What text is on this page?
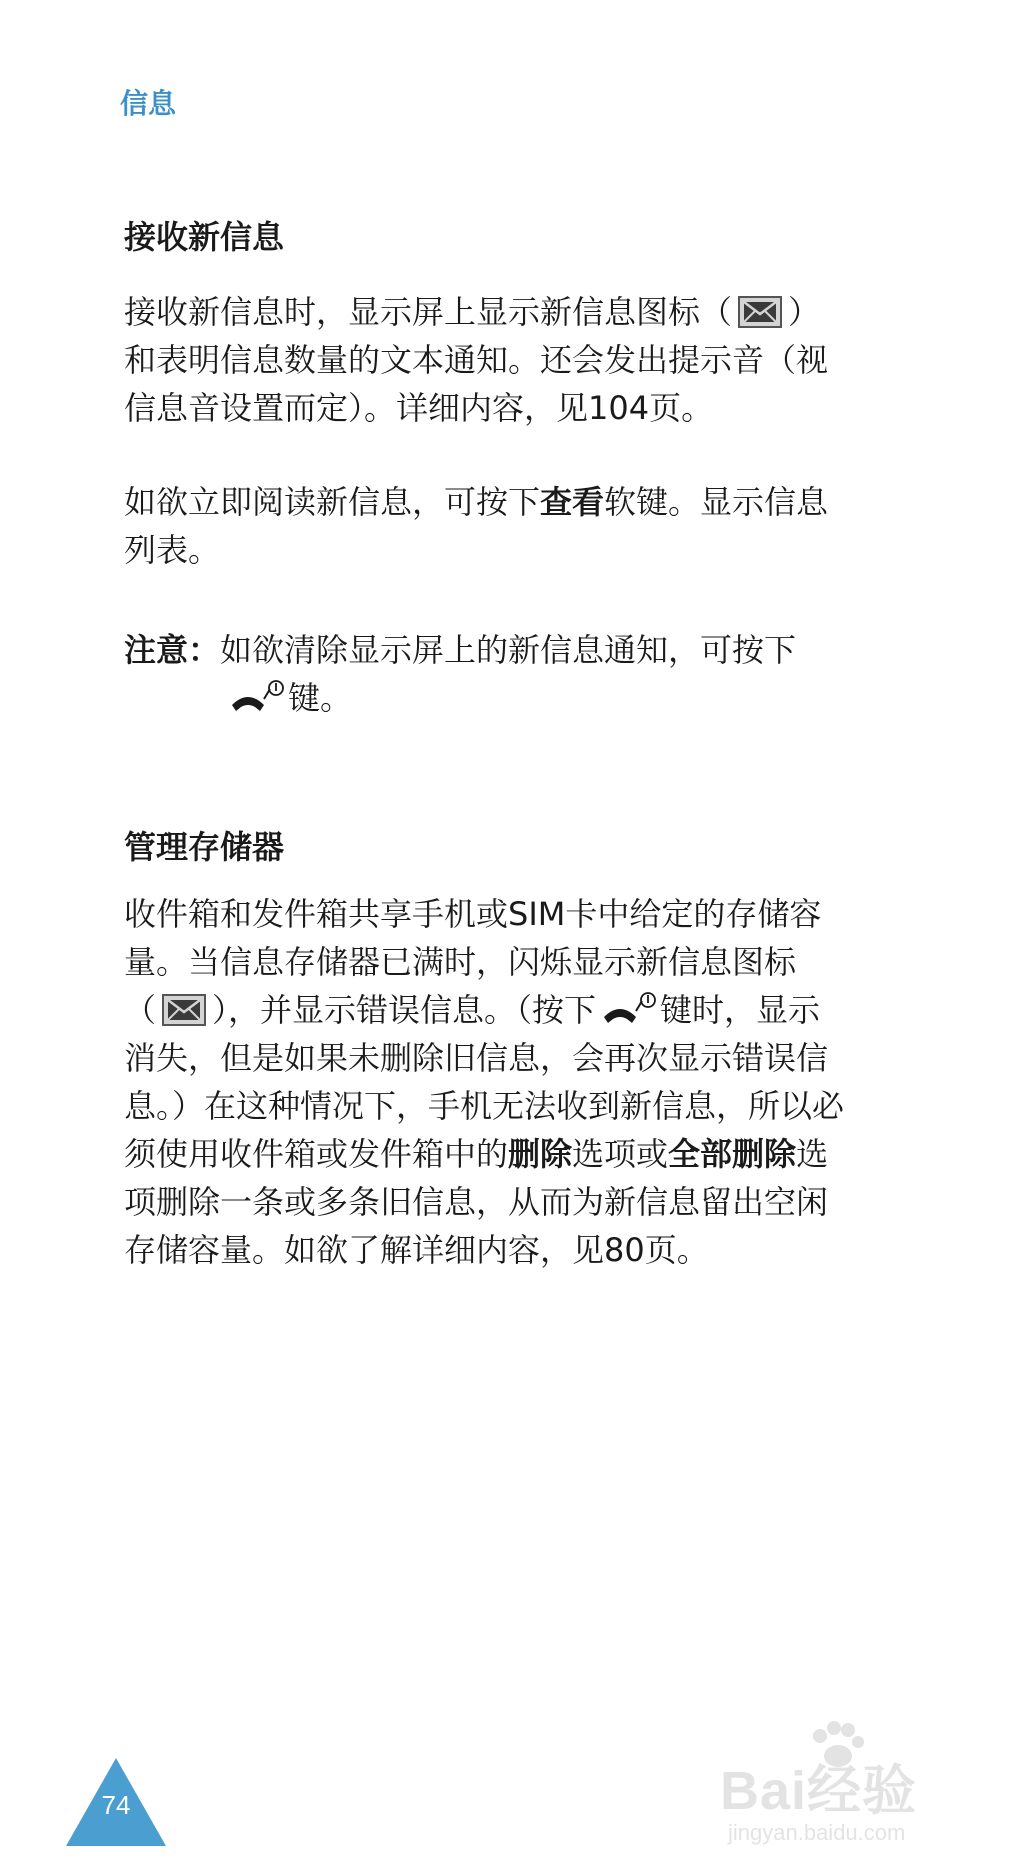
信息
接收新信息
接收新信息时，显示屏上显示新信息图标（ ）
和表明信息数量的文本通知。还会发出提示音（视
信息音设置而定）。详细内容，见104页。
如欲立即阅读新信息，可按下查看软键。显示信息
列表。
注意：如欲清除显示屏上的新信息通知，可按下
键。
管理存储器
收件箱和发件箱共享手机或SIM卡中给定的存储容
量。当信息存储器已满时，闪烁显示新信息图标
（ ），并显示错误信息。（按下 键时，显示
消失，但是如果未删除旧信息，会再次显示错误信
息。）在这种情况下，手机无法收到新信息，所以必
须使用收件箱或发件箱中的删除选项或全部删除选
项删除一条或多条旧信息，从而为新信息留出空闲
存储容量。如欲了解详细内容，见80页。
74	Bai经验
jingyan.baidu.com
